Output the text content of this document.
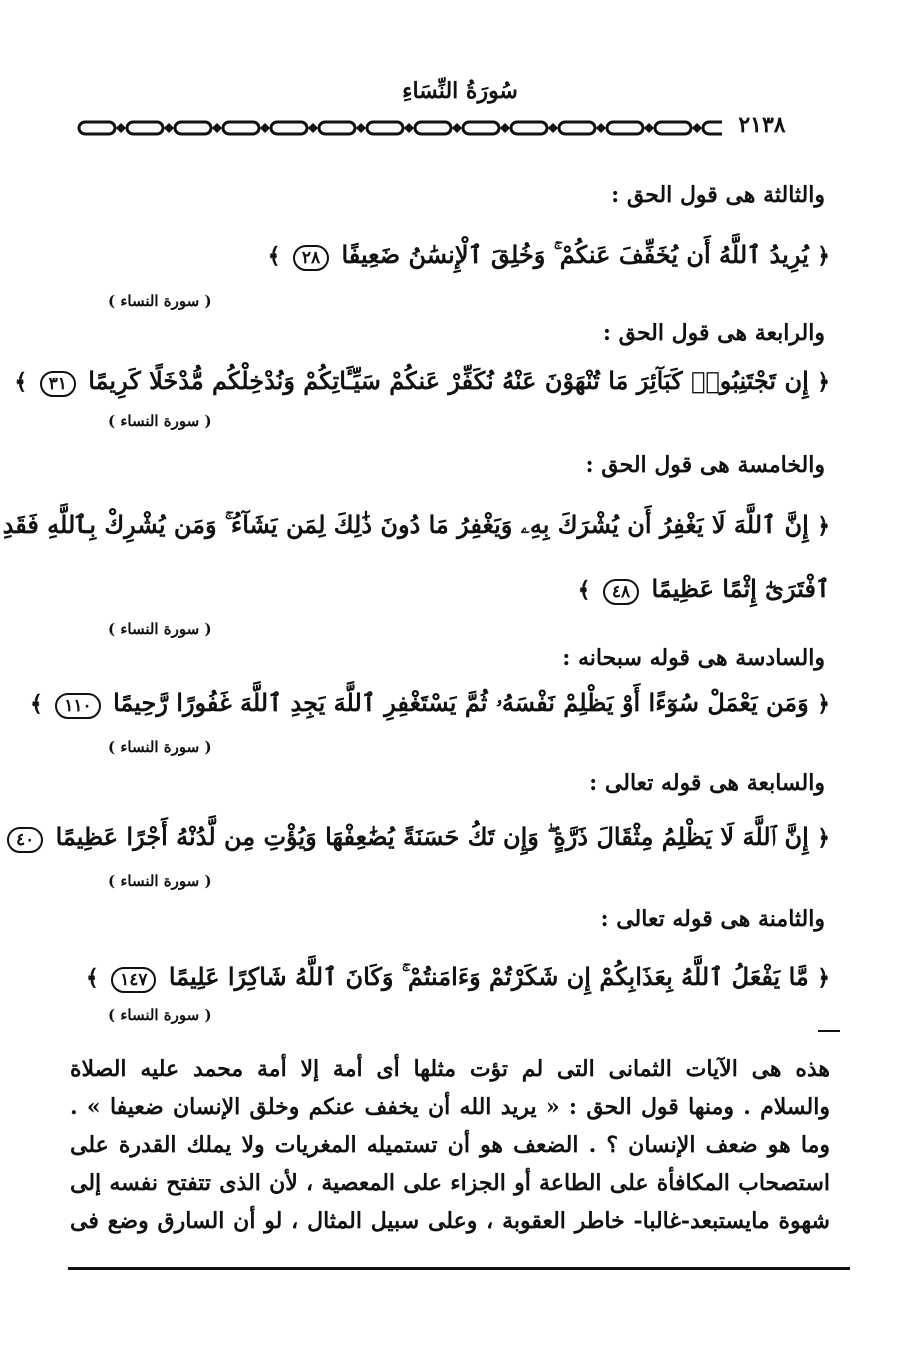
سُورَةُ النِّسَاءِ
٢١٣٨
والثالثة هى قول الحق :
﴿ يُرِيدُ ٱللَّهُ أَن يُخَفِّفَ عَنكُمْ ۚ وَخُلِقَ ٱلْإِنسَٰنُ ضَعِيفًا ٢٨ ﴾
( سورة النساء )
والرابعة هى قول الحق :
﴿ إِن تَجْتَنِبُوا۟ كَبَآئِرَ مَا تُنْهَوْنَ عَنْهُ نُكَفِّرْ عَنكُمْ سَيِّـَٔاتِكُمْ وَنُدْخِلْكُم مُّدْخَلًا كَرِيمًا ٣١ ﴾
( سورة النساء )
والخامسة هى قول الحق :
﴿ إِنَّ ٱللَّهَ لَا يَغْفِرُ أَن يُشْرَكَ بِهِۦ وَيَغْفِرُ مَا دُونَ ذَٰلِكَ لِمَن يَشَآءُ ۚ وَمَن يُشْرِكْ بِٱللَّهِ فَقَدِ
ٱفْتَرَىٰٓ إِثْمًا عَظِيمًا ٤٨ ﴾
( سورة النساء )
والسادسة هى قوله سبحانه :
﴿ وَمَن يَعْمَلْ سُوٓءًا أَوْ يَظْلِمْ نَفْسَهُۥ ثُمَّ يَسْتَغْفِرِ ٱللَّهَ يَجِدِ ٱللَّهَ غَفُورًا رَّحِيمًا ١١٠ ﴾
( سورة النساء )
والسابعة هى قوله تعالى :
﴿ إِنَّ ٱللَّهَ لَا يَظْلِمُ مِثْقَالَ ذَرَّةٍ ۖ وَإِن تَكُ حَسَنَةً يُضَٰعِفْهَا وَيُؤْتِ مِن لَّدُنْهُ أَجْرًا عَظِيمًا ٤٠
( سورة النساء )
والثامنة هى قوله تعالى :
﴿ مَّا يَفْعَلُ ٱللَّهُ بِعَذَابِكُمْ إِن شَكَرْتُمْ وَءَامَنتُمْ ۚ وَكَانَ ٱللَّهُ شَاكِرًا عَلِيمًا ١٤٧ ﴾
( سورة النساء )

هذه هى الآيات الثمانى التى لم تؤت مثلها أى أمة إلا أمة محمد عليه الصلاة

والسلام . ومنها قول الحق : « يريد الله أن يخفف عنكم وخلق الإنسان ضعيفا » .

وما هو ضعف الإنسان ؟ . الضعف هو أن تستميله المغريات ولا يملك القدرة على

استصحاب المكافأة على الطاعة أو الجزاء على المعصية ، لأن الذى تتفتح نفسه إلى

شهوة مايستبعد-غالبا- خاطر العقوبة ، وعلى سبيل المثال ، لو أن السارق وضع فى
